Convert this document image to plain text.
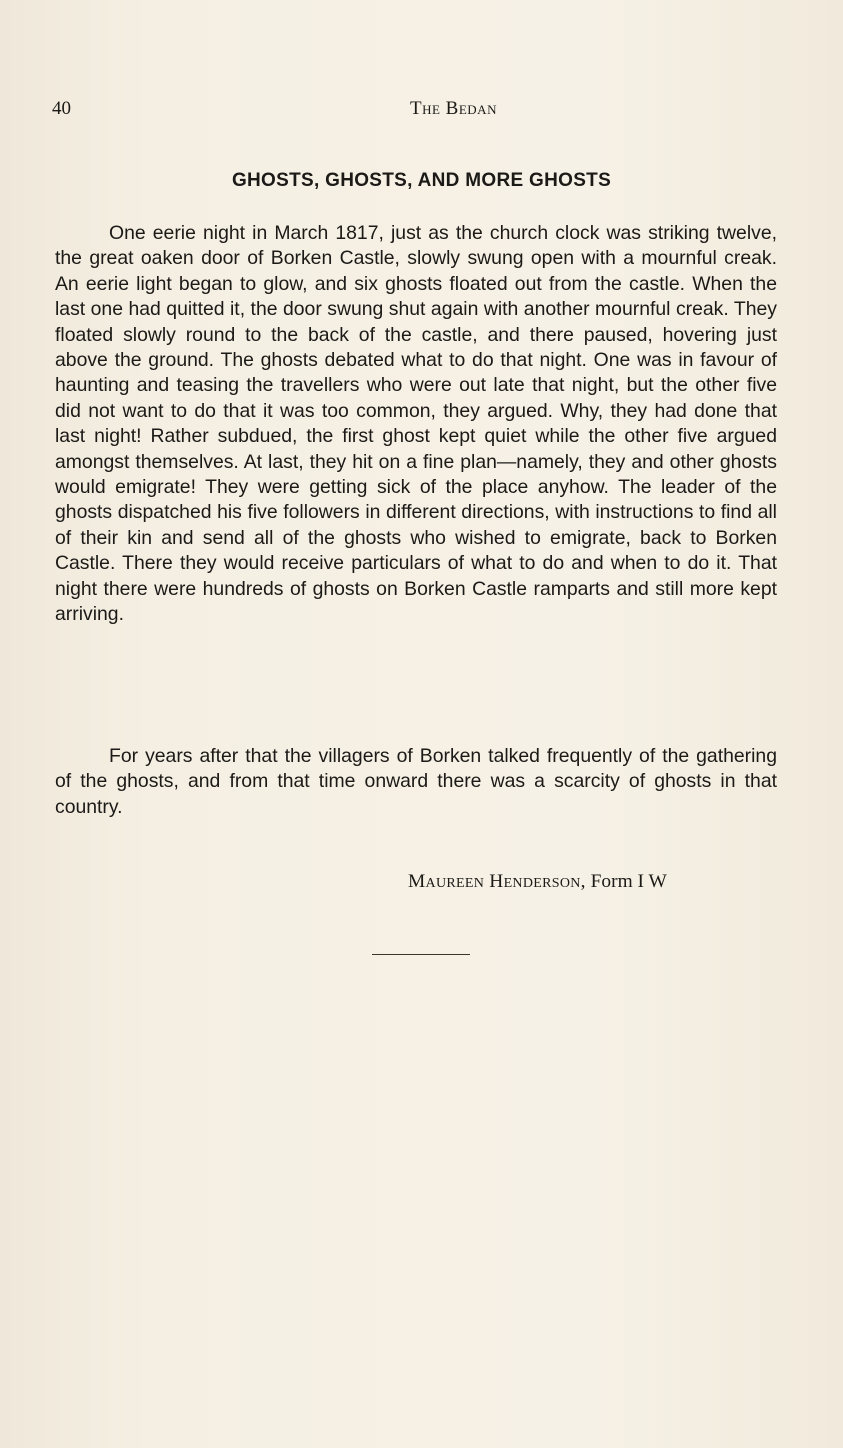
40	The Bedan
GHOSTS, GHOSTS, AND MORE GHOSTS

One eerie night in March 1817, just as the church clock was striking twelve, the great oaken door of Borken Castle, slowly swung open with a mournful creak. An eerie light began to glow, and six ghosts floated out from the castle. When the last one had quitted it, the door swung shut again with another mournful creak. They floated slowly round to the back of the castle, and there paused, hovering just above the ground. The ghosts debated what to do that night. One was in favour of haunting and teasing the travellers who were out late that night, but the other five did not want to do that it was too common, they argued. Why, they had done that last night! Rather subdued, the first ghost kept quiet while the other five argued amongst themselves. At last, they hit on a fine plan—namely, they and other ghosts would emigrate! They were getting sick of the place anyhow. The leader of the ghosts dispatched his five followers in different directions, with instructions to find all of their kin and send all of the ghosts who wished to emigrate, back to Borken Castle. There they would receive particulars of what to do and when to do it. That night there were hundreds of ghosts on Borken Castle ramparts and still more kept arriving.

For years after that the villagers of Borken talked frequently of the gathering of the ghosts, and from that time onward there was a scarcity of ghosts in that country.

Maureen Henderson, Form I W
